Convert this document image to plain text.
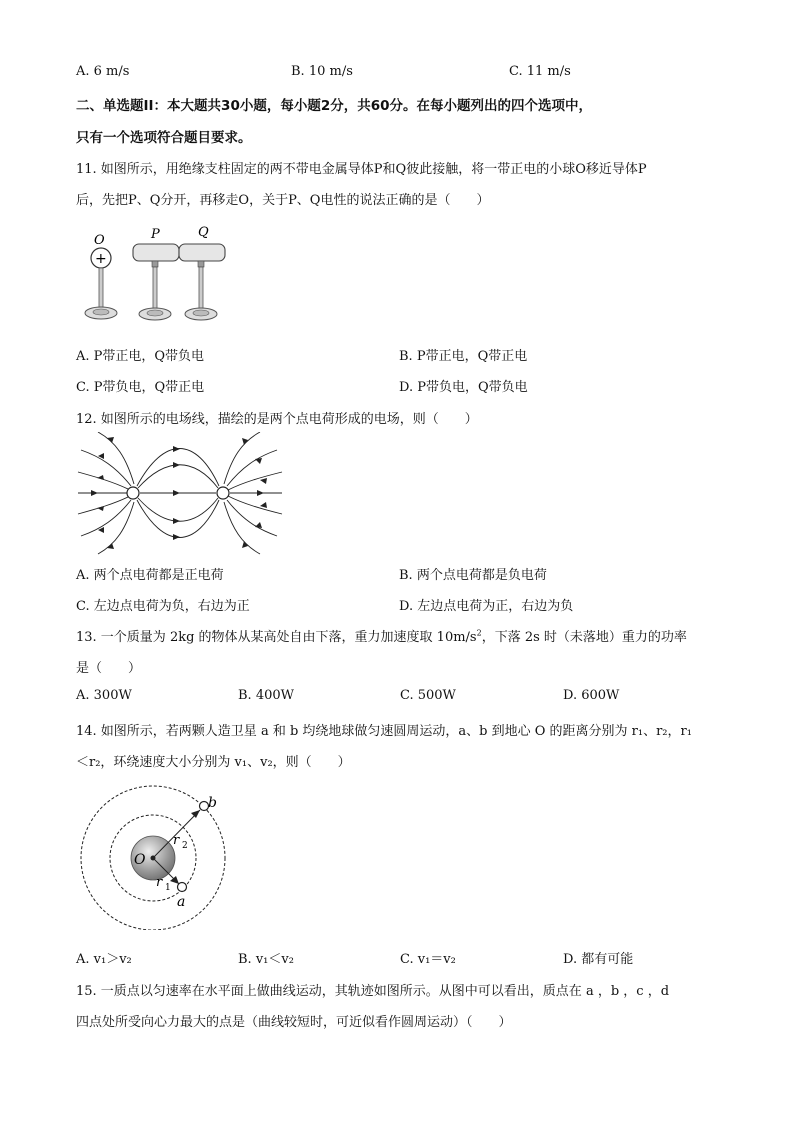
A. 6 m/s	B. 10 m/s	C. 11 m/s
二、单选题II：本大题共30小题，每小题2分，共60分。在每小题列出的四个选项中，
只有一个选项符合题目要求。
11. 如图所示，用绝缘支柱固定的两不带电金属导体P和Q彼此接触，将一带正电的小球O移近导体P
后，先把P、Q分开，再移走O，关于P、Q电性的说法正确的是（　　）
O
+
P	Q
A. P带正电，Q带负电	B. P带正电，Q带正电
C. P带负电，Q带正电	D. P带负电，Q带负电
12. 如图所示的电场线，描绘的是两个点电荷形成的电场，则（　　）
A. 两个点电荷都是正电荷	B. 两个点电荷都是负电荷
C. 左边点电荷为负，右边为正	D. 左边点电荷为正，右边为负
13. 一个质量为 2kg 的物体从某高处自由下落，重力加速度取 $10m/s^2$，下落 2s 时（未落地）重力的功率
是（　　）
A. 300W	B. 400W	C. 500W	D. 600W
14. 如图所示，若两颗人造卫星 a 和 b 均绕地球做匀速圆周运动，a、b 到地心 O 的距离分别为 r₁、r₂，r₁
＜r₂，环绕速度大小分别为 v₁、v₂，则（　　）
b
a
O
r 2
r 1
A. v₁＞v₂	B. v₁＜v₂	C. v₁＝v₂	D. 都有可能
15. 一质点以匀速率在水平面上做曲线运动，其轨迹如图所示。从图中可以看出，质点在 a ，b ，c ，d
四点处所受向心力最大的点是（曲线较短时，可近似看作圆周运动）（　　）
